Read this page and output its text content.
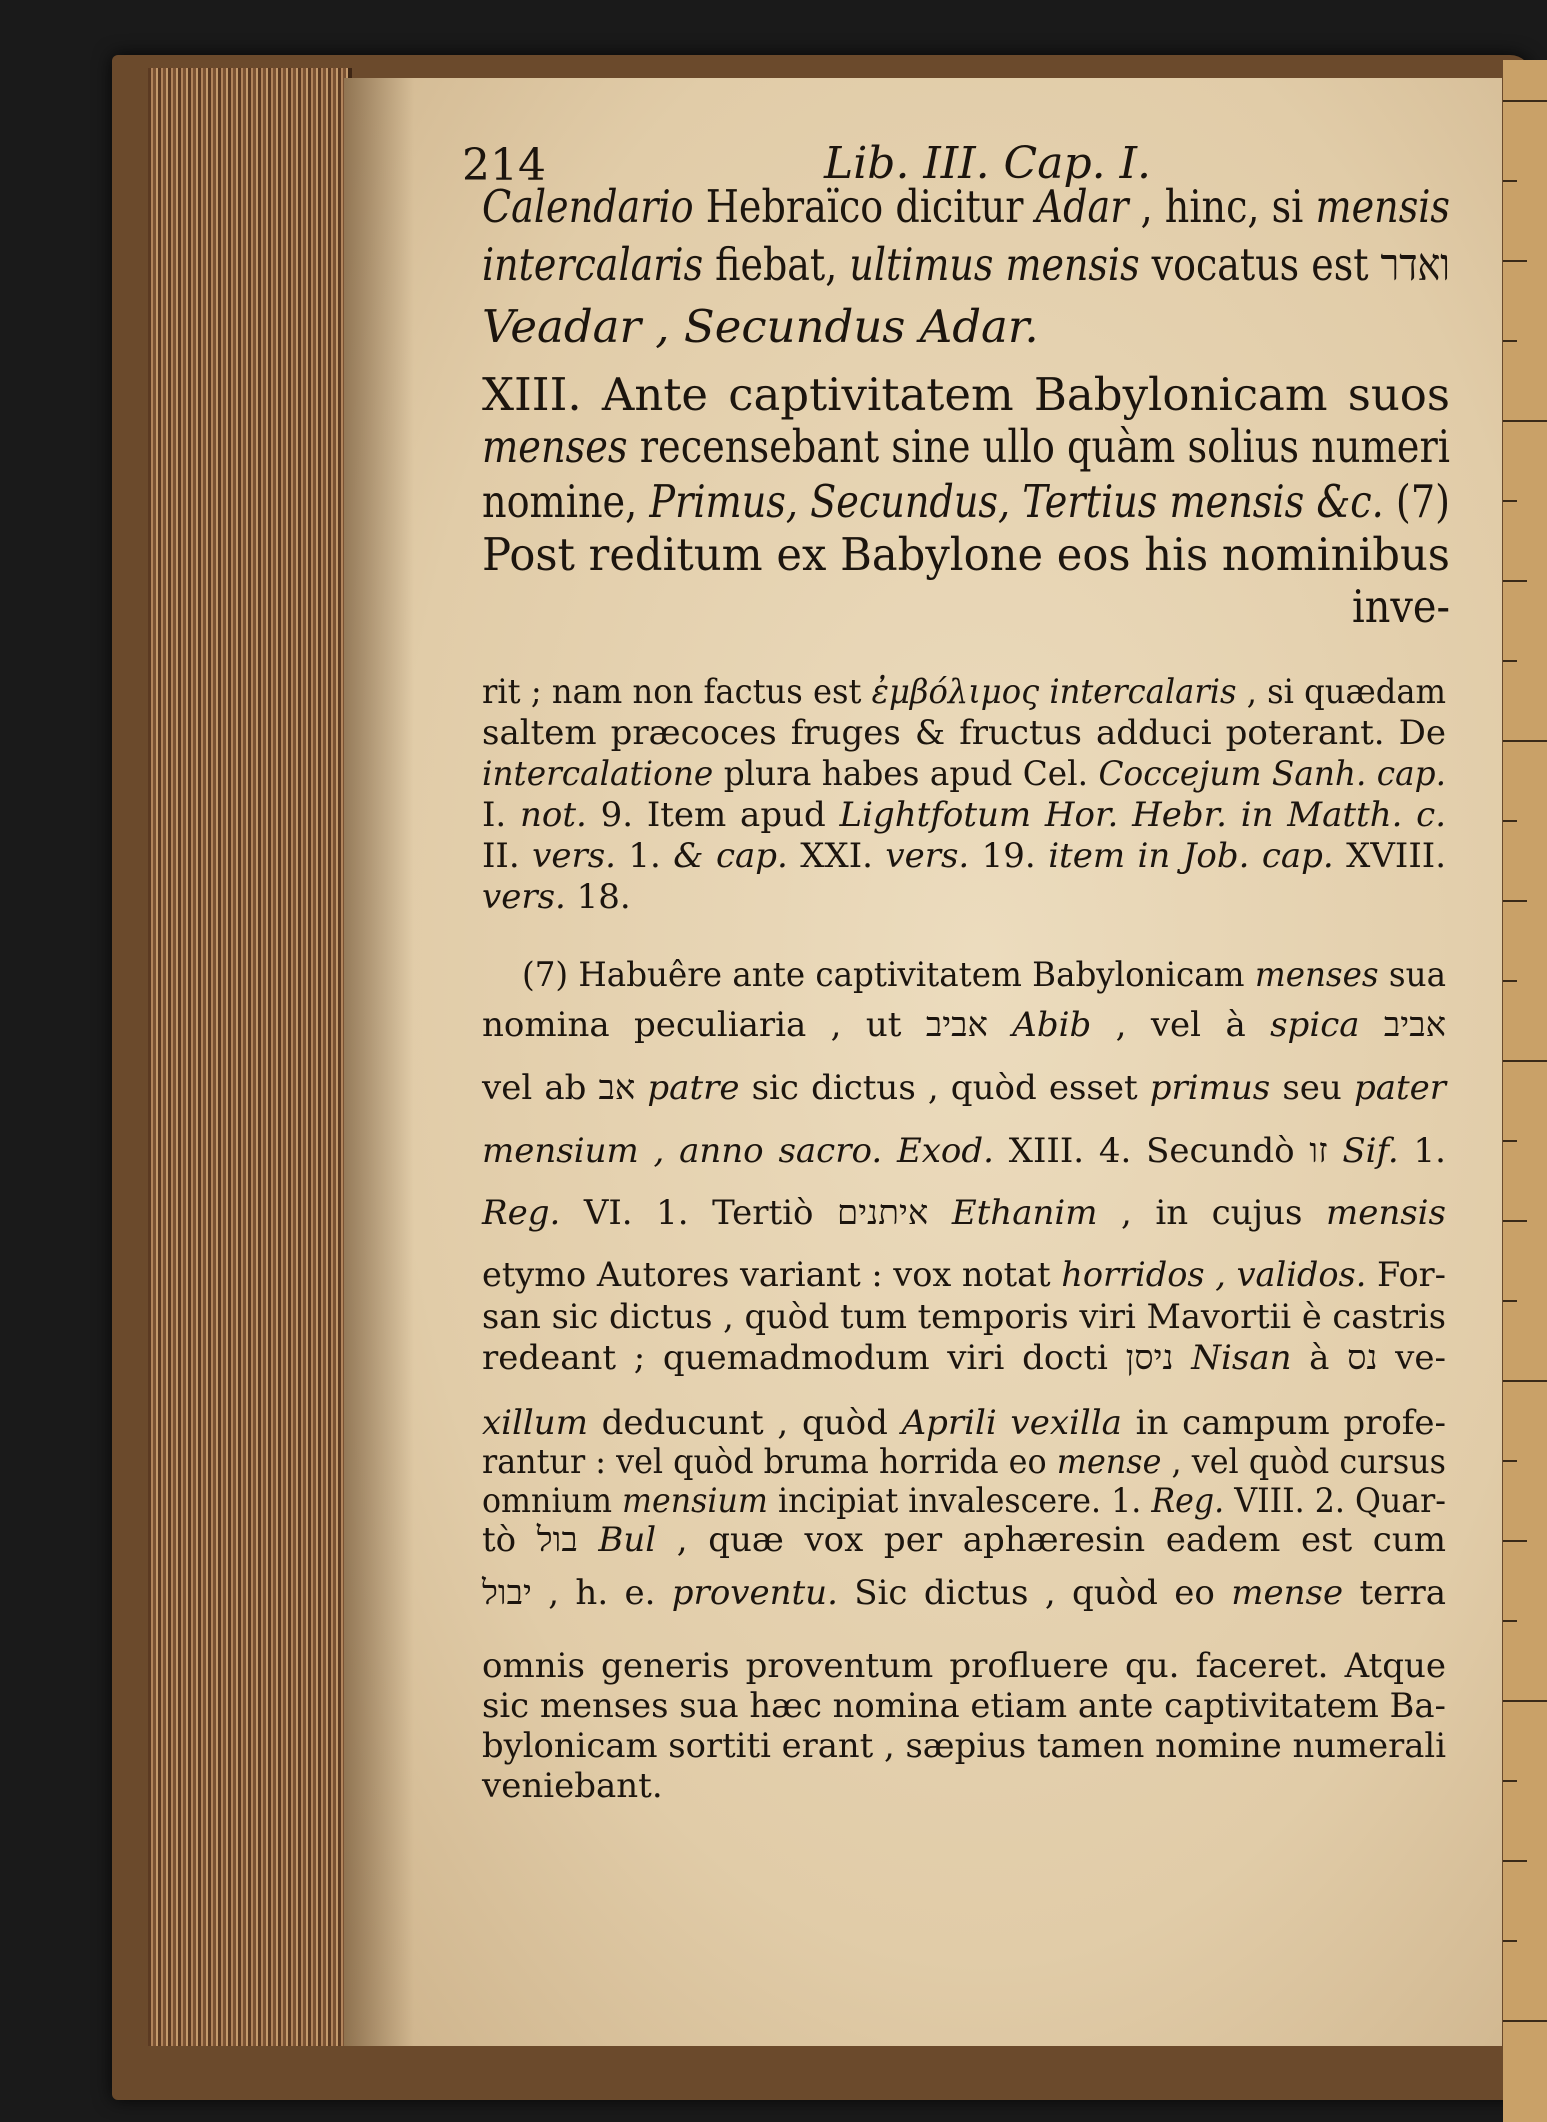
214	Lib. III. Cap. I.
Calendario Hebraïco dicitur Adar , hinc, si mensis
intercalaris fiebat, ultimus mensis vocatus est ואדר
Veadar , Secundus Adar.
XIII. Ante captivitatem Babylonicam suos
menses recensebant sine ullo quàm solius numeri
nomine, Primus, Secundus, Tertius mensis &c. (7)
Post reditum ex Babylone eos his nominibus
inve-
rit ; nam non factus est ἐμβόλιμος intercalaris , si quædam
saltem præcoces fruges & fructus adduci poterant. De
intercalatione plura habes apud Cel. Coccejum Sanh. cap.
I. not. 9. Item apud Lightfotum Hor. Hebr. in Matth. c.
II. vers. 1. & cap. XXI. vers. 19. item in Job. cap. XVIII.
vers. 18.
(7) Habuêre ante captivitatem Babylonicam menses sua
nomina peculiaria , ut אביב Abib , vel à spica אביב
vel ab אב patre sic dictus , quòd esset primus seu pater
mensium , anno sacro. Exod. XIII. 4. Secundò זו Sif. 1.
Reg. VI. 1. Tertiò איתנים Ethanim , in cujus mensis
etymo Autores variant : vox notat horridos , validos. For-
san sic dictus , quòd tum temporis viri Mavortii è castris
redeant ; quemadmodum viri docti ניסן Nisan à נס ve-
xillum deducunt , quòd Aprili vexilla in campum profe-
rantur : vel quòd bruma horrida eo mense , vel quòd cursus
omnium mensium incipiat invalescere. 1. Reg. VIII. 2. Quar-
tò בול Bul , quæ vox per aphæresin eadem est cum
יבול , h. e. proventu. Sic dictus , quòd eo mense terra
omnis generis proventum profluere qu. faceret. Atque
sic menses sua hæc nomina etiam ante captivitatem Ba-
bylonicam sortiti erant , sæpius tamen nomine numerali
veniebant.
